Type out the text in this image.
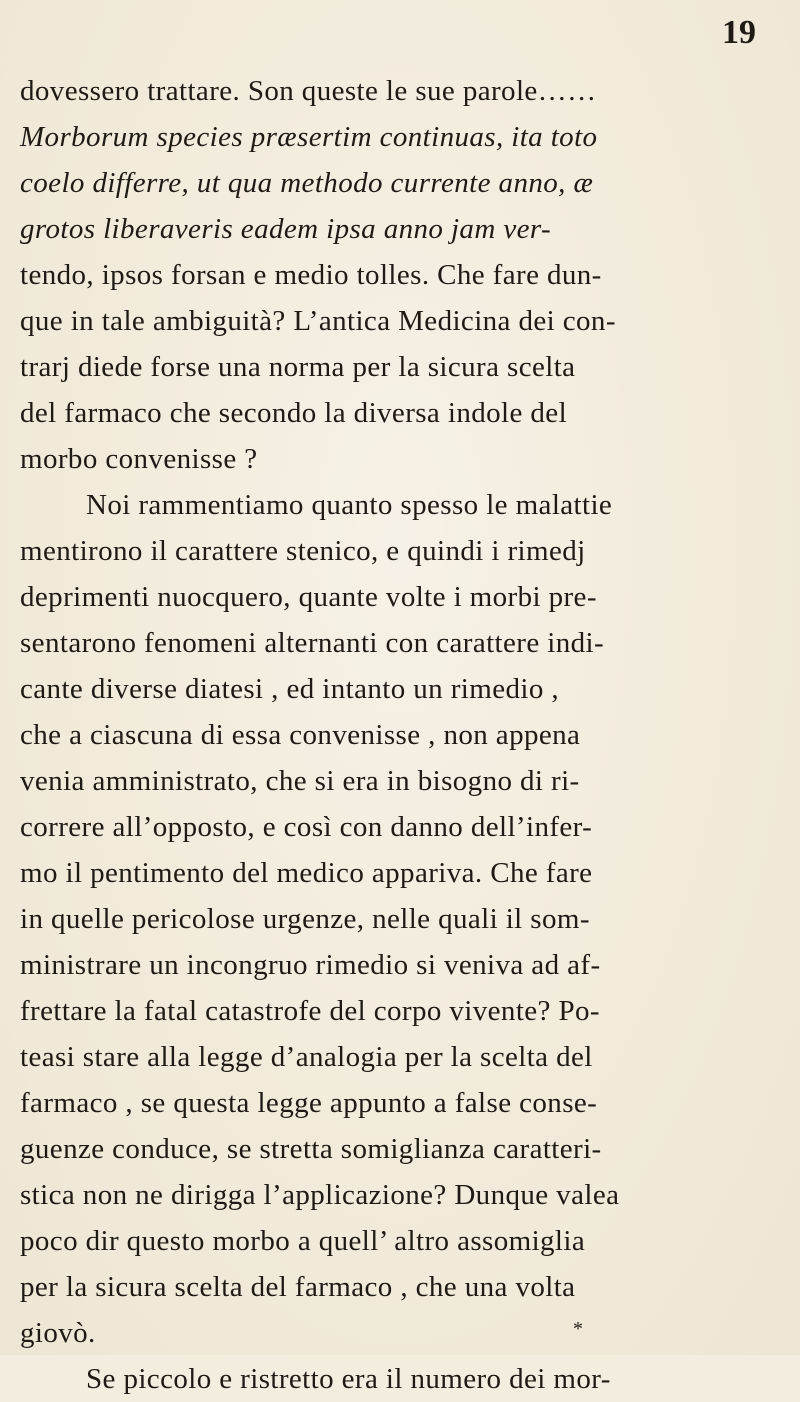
19
dovessero trattare. Son queste le sue parole……
Morborum species præsertim continuas, ita toto
coelo differre, ut qua methodo currente anno, æ
grotos liberaveris eadem ipsa anno jam ver-
tendo, ipsos forsan e medio tolles. Che fare dun-
que in tale ambiguità? L’antica Medicina dei con-
trarj diede forse una norma per la sicura scelta
del farmaco che secondo la diversa indole del
morbo convenisse ?
Noi rammentiamo quanto spesso le malattie
mentirono il carattere stenico, e quindi i rimedj
deprimenti nuocquero, quante volte i morbi pre-
sentarono fenomeni alternanti con carattere indi-
cante diverse diatesi , ed intanto un rimedio ,
che a ciascuna di essa convenisse , non appena
venia amministrato, che si era in bisogno di ri-
correre all’opposto, e così con danno dell’infer-
mo il pentimento del medico appariva. Che fare
in quelle pericolose urgenze, nelle quali il som-
ministrare un incongruo rimedio si veniva ad af-
frettare la fatal catastrofe del corpo vivente? Po-
teasi stare alla legge d’analogia per la scelta del
farmaco , se questa legge appunto a false conse-
guenze conduce, se stretta somiglianza caratteri-
stica non ne dirigga l’applicazione? Dunque valea
poco dir questo morbo a quell’ altro assomiglia
per la sicura scelta del farmaco , che una volta
giovò.
Se piccolo e ristretto era il numero dei mor-
*
